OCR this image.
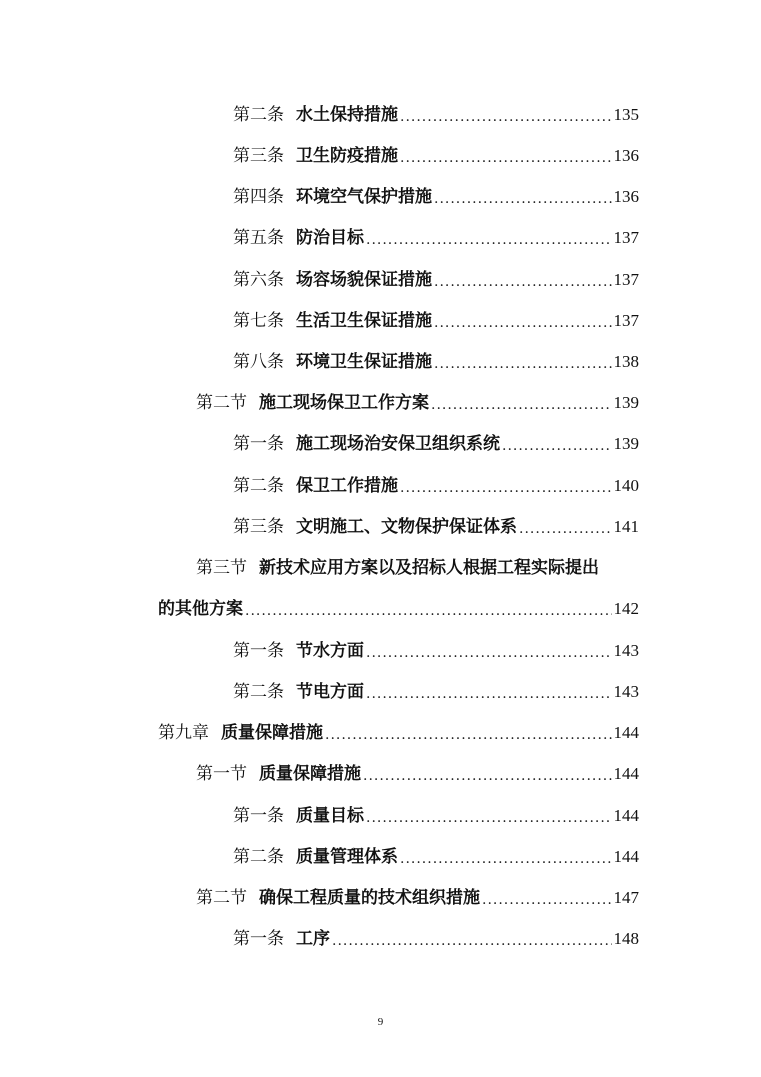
第二条 水土保持措施 .....	135
第三条 卫生防疫措施 .....	136
第四条 环境空气保护措施 .....	136
第五条 防治目标 .....	137
第六条 场容场貌保证措施 .....	137
第七条 生活卫生保证措施 .....	137
第八条 环境卫生保证措施 .....	138
第二节 施工现场保卫工作方案 .....	139
第一条 施工现场治安保卫组织系统 .....	139
第二条 保卫工作措施 .....	140
第三条 文明施工、文物保护保证体系 .....	141
第三节 新技术应用方案以及招标人根据工程实际提出
的其他方案 .....	142
第一条 节水方面 .....	143
第二条 节电方面 .....	143
第九章 质量保障措施 .....	144
第一节 质量保障措施 .....	144
第一条 质量目标 .....	144
第二条 质量管理体系 .....	144
第二节 确保工程质量的技术组织措施 .....	147
第一条 工序 .....	148
9
